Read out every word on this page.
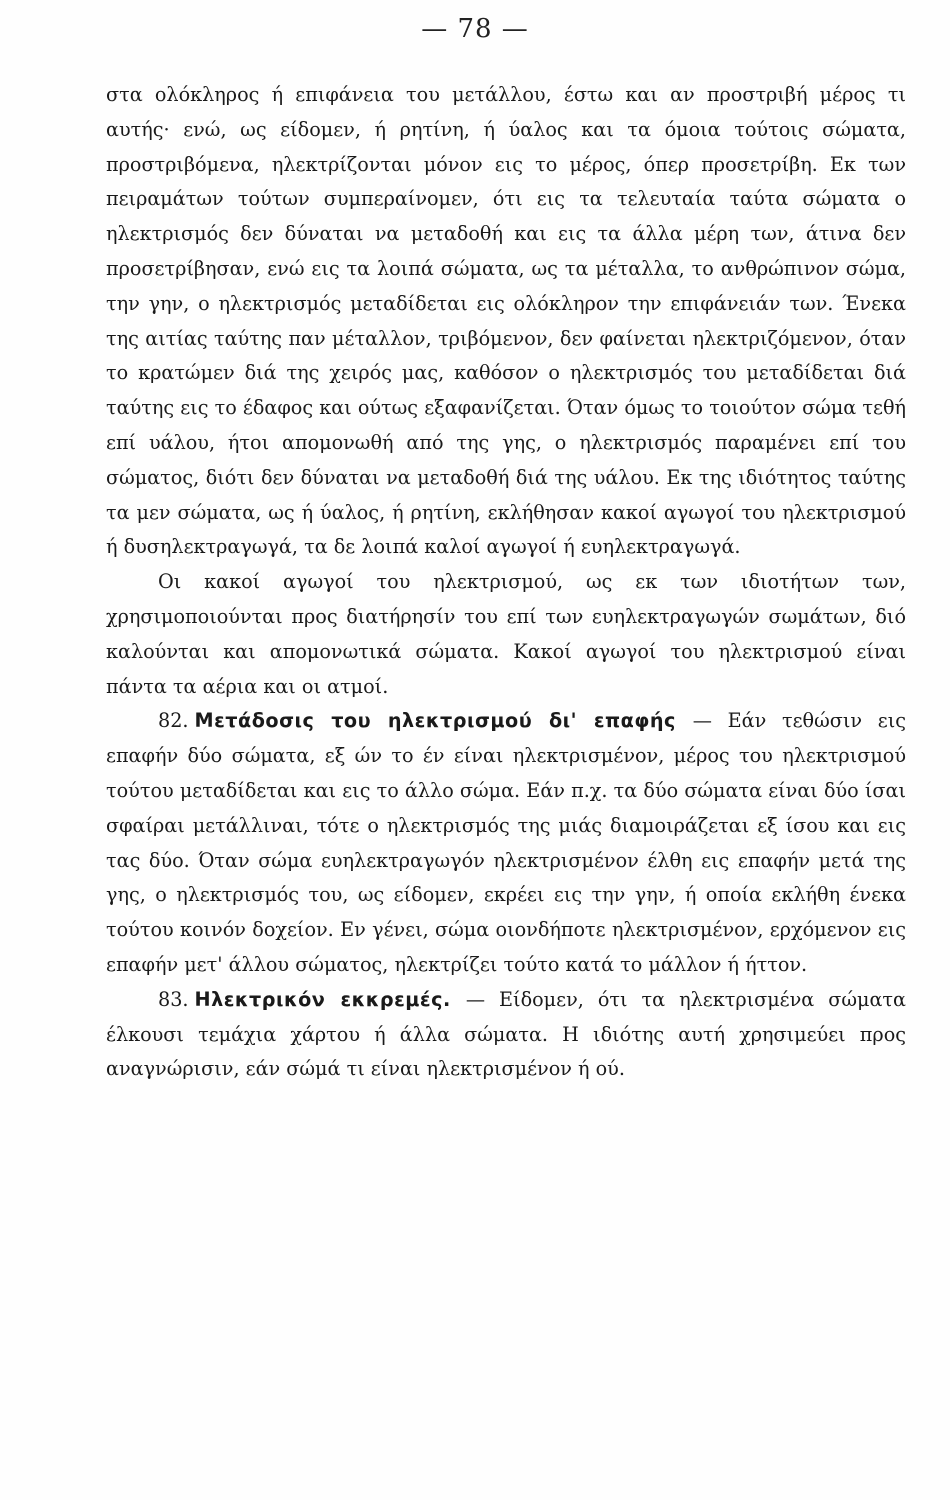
— 78 —

στα ολόκληρος ή επιφάνεια του μετάλλου, έστω και αν προστριβή μέρος τι αυτής· ενώ, ως είδομεν, ή ρητίνη, ή ύαλος και τα όμοια τούτοις σώματα, προστριβόμενα, ηλεκτρίζονται μόνον εις το μέρος, όπερ προσετρίβη. Εκ των πειραμάτων τούτων συμπεραίνομεν, ότι εις τα τελευταία ταύτα σώματα ο ηλεκτρισμός δεν δύναται να μεταδοθή και εις τα άλλα μέρη των, άτινα δεν προσετρίβησαν, ενώ εις τα λοιπά σώματα, ως τα μέταλλα, το ανθρώπινον σώμα, την γην, ο ηλεκτρισμός μεταδίδεται εις ολόκληρον την επιφάνειάν των. Ένεκα της αιτίας ταύτης παν μέταλλον, τριβόμενον, δεν φαίνεται ηλεκτριζόμενον, όταν το κρατώμεν διά της χειρός μας, καθόσον ο ηλεκτρισμός του μεταδίδεται διά ταύτης εις το έδαφος και ούτως εξαφανίζεται. Όταν όμως το τοιούτον σώμα τεθή επί υάλου, ήτοι απομονωθή από της γης, ο ηλεκτρισμός παραμένει επί του σώματος, διότι δεν δύναται να μεταδοθή διά της υάλου. Εκ της ιδιότητος ταύτης τα μεν σώματα, ως ή ύαλος, ή ρητίνη, εκλήθησαν κακοί αγωγοί του ηλεκτρισμού ή δυσηλεκτραγωγά, τα δε λοιπά καλοί αγωγοί ή ευηλεκτραγωγά.

Οι κακοί αγωγοί του ηλεκτρισμού, ως εκ των ιδιοτήτων των, χρησιμοποιούνται προς διατήρησίν του επί των ευηλεκτραγωγών σωμάτων, διό καλούνται και απομονωτικά σώματα. Κακοί αγωγοί του ηλεκτρισμού είναι πάντα τα αέρια και οι ατμοί.

82. Μετάδοσις του ηλεκτρισμού δι' επαφής — Εάν τεθώσιν εις επαφήν δύο σώματα, εξ ών το έν είναι ηλεκτρισμένον, μέρος του ηλεκτρισμού τούτου μεταδίδεται και εις το άλλο σώμα. Εάν π.χ. τα δύο σώματα είναι δύο ίσαι σφαίραι μετάλλιναι, τότε ο ηλεκτρισμός της μιάς διαμοιράζεται εξ ίσου και εις τας δύο. Όταν σώμα ευηλεκτραγωγόν ηλεκτρισμένον έλθη εις επαφήν μετά της γης, ο ηλεκτρισμός του, ως είδομεν, εκρέει εις την γην, ή οποία εκλήθη ένεκα τούτου κοινόν δοχείον. Εν γένει, σώμα οιονδήποτε ηλεκτρισμένον, ερχόμενον εις επαφήν μετ' άλλου σώματος, ηλεκτρίζει τούτο κατά το μάλλον ή ήττον.

83. Ηλεκτρικόν εκκρεμές. — Είδομεν, ότι τα ηλεκτρισμένα σώματα έλκουσι τεμάχια χάρτου ή άλλα σώματα. Η ιδιότης αυτή χρησιμεύει προς αναγνώρισιν, εάν σώμά τι είναι ηλεκτρισμένον ή ού.
